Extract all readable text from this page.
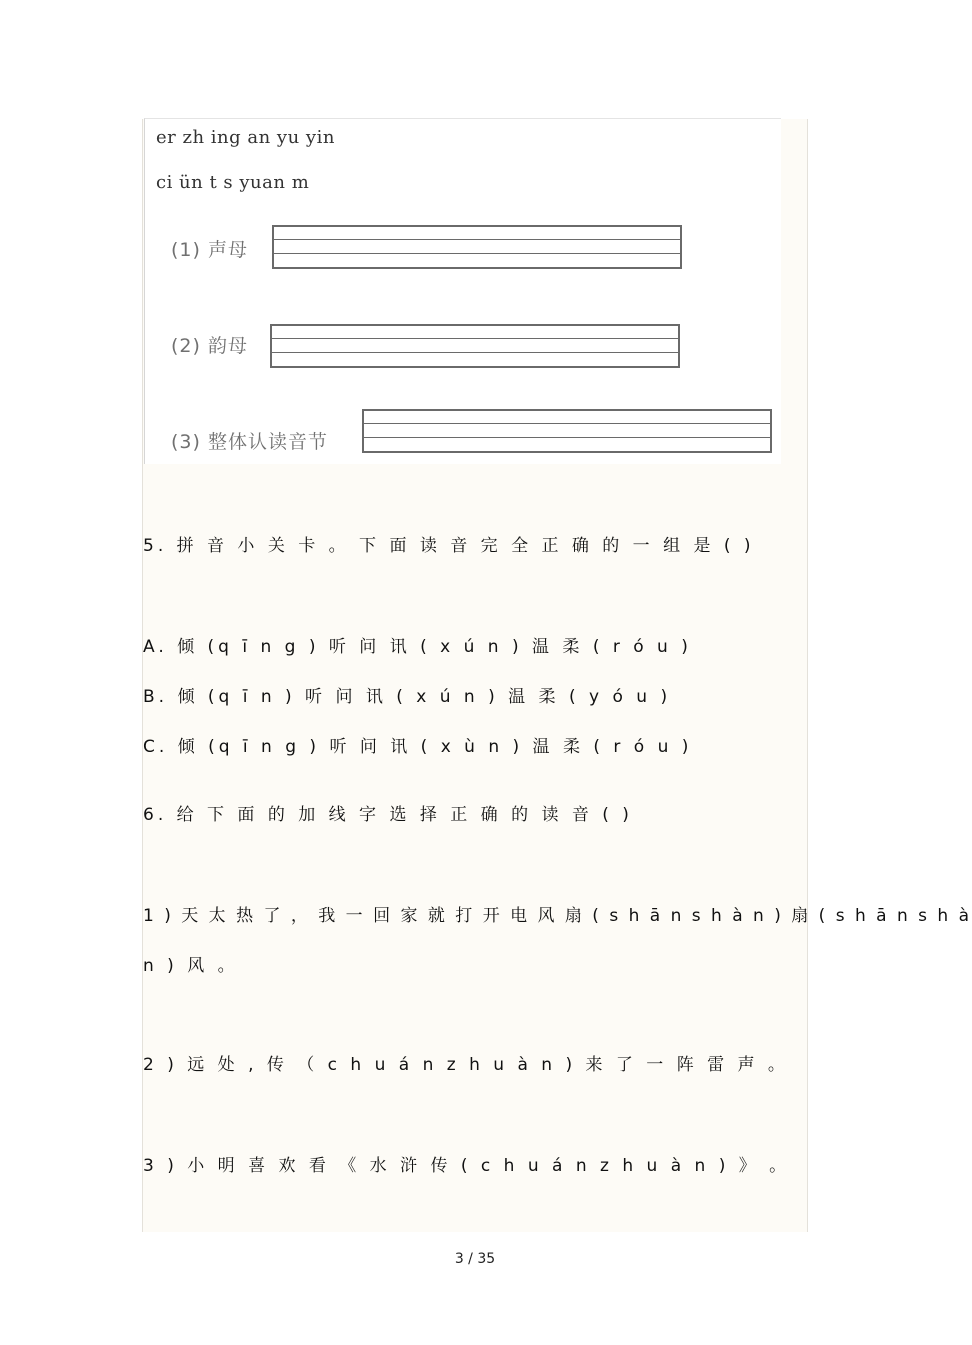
er zh ing an yu yin
ci ün t s yuan m
(1) 声母
(2) 韵母
(3) 整体认读音节
5. 拼 音 小 关 卡 。 下 面 读 音 完 全 正 确 的 一 组 是 ( )
A. 倾 (q ī n g ) 听 问 讯 ( x ú n ) 温 柔 ( r ó u )
B. 倾 (q ī n ) 听 问 讯 ( x ú n ) 温 柔 ( y ó u )
C. 倾 (q ī n g ) 听 问 讯 ( x ù n ) 温 柔 ( r ó u )
6. 给 下 面 的 加 线 字 选 择 正 确 的 读 音 ( )
1 ) 天 太 热 了 ， 我 一 回 家 就 打 开 电 风 扇 ( s h ā n s h à n ) 扇 ( s h ā n s h à
n ) 风 。
2 ) 远 处 , 传 （ c h u á n z h u à n ) 来 了 一 阵 雷 声 。
3 ) 小 明 喜 欢 看 《 水 浒 传 ( c h u á n z h u à n ) 》 。
3 / 35
